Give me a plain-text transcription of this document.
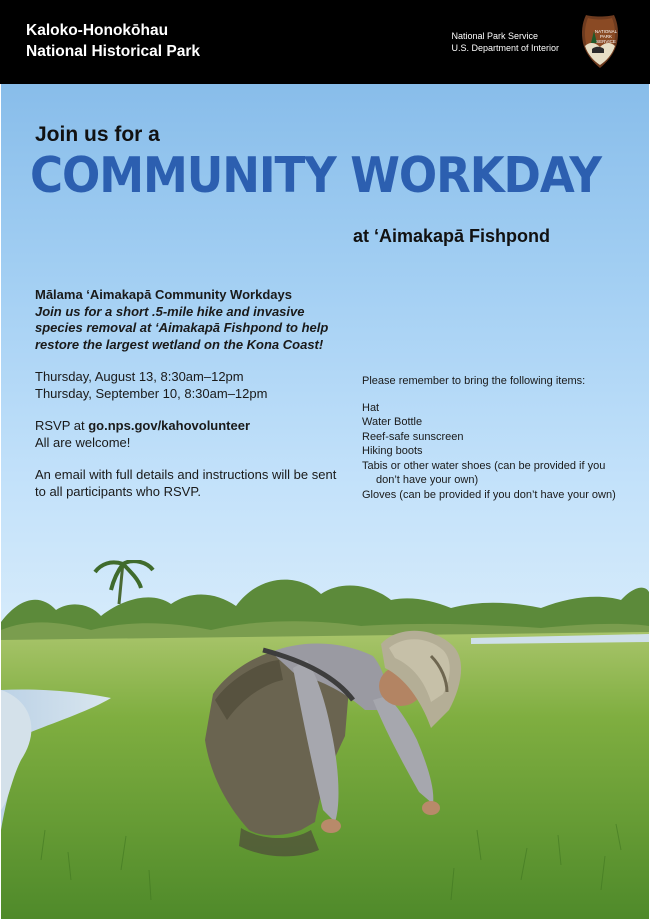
Kaloko-Honokōhau
National Historical Park
National Park Service
U.S. Department of Interior
NATIONAL
PARK
SERVICE
Join us for a
COMMUNITY WORKDAY
at ‘Aimakapā Fishpond
Mālama ‘Aimakapā Community Workdays
Join us for a short .5-mile hike and invasive species removal at ‘Aimakapā Fishpond to help restore the largest wetland on the Kona Coast!
Thursday, August 13, 8:30am–12pm
Thursday, September 10, 8:30am–12pm
RSVP at go.nps.gov/kahovolunteer
All are welcome!
An email with full details and instructions will be sent to all participants who RSVP.
Please remember to bring the following items:
Hat
Water Bottle
Reef-safe sunscreen
Hiking boots
Tabis or other water shoes (can be provided if you don’t have your own)
Gloves (can be provided if you don’t have your own)
